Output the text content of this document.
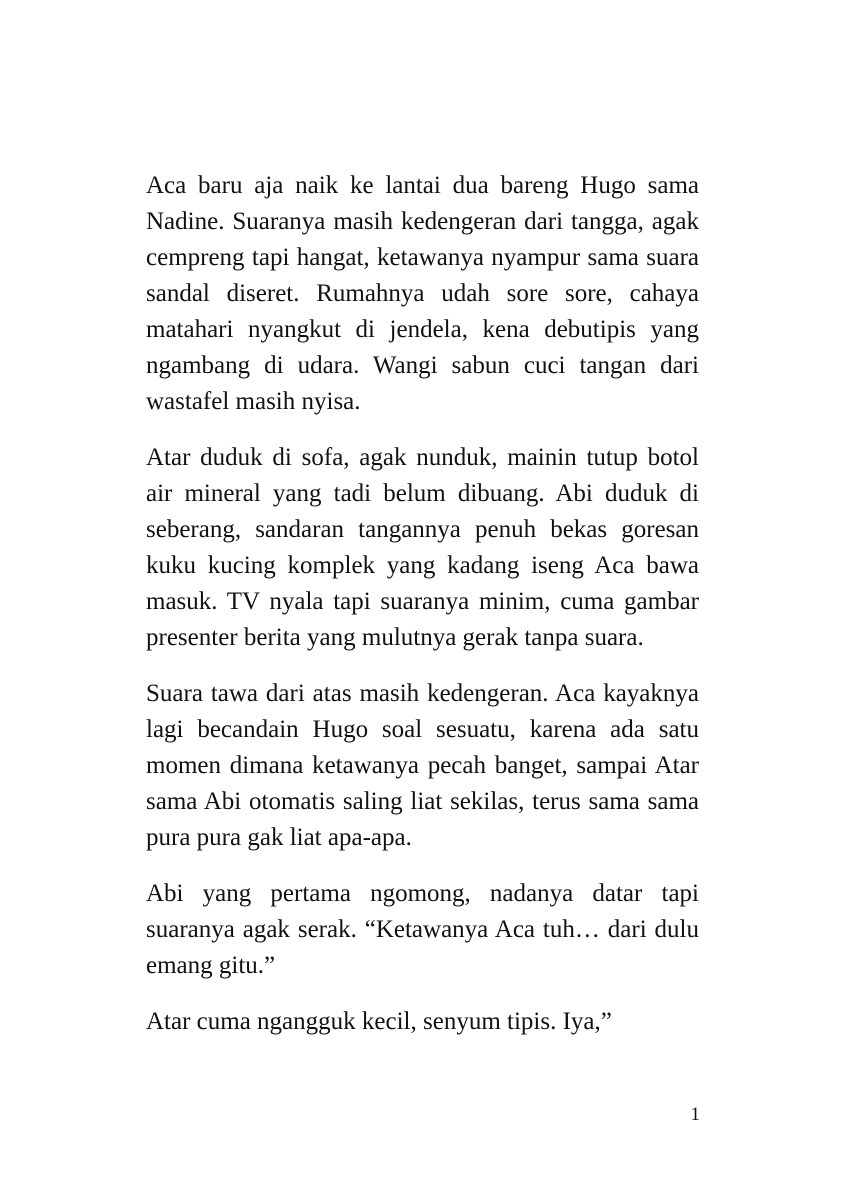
Aca baru aja naik ke lantai dua bareng Hugo sama Nadine. Suaranya masih kedengeran dari tangga, agak cempreng tapi hangat, ketawanya nyampur sama suara sandal diseret. Rumahnya udah sore sore, cahaya matahari nyangkut di jendela, kena debutipis yang ngambang di udara. Wangi sabun cuci tangan dari wastafel masih nyisa.

Atar duduk di sofa, agak nunduk, mainin tutup botol air mineral yang tadi belum dibuang. Abi duduk di seberang, sandaran tangannya penuh bekas goresan kuku kucing komplek yang kadang iseng Aca bawa masuk. TV nyala tapi suaranya minim, cuma gambar presenter berita yang mulutnya gerak tanpa suara.

Suara tawa dari atas masih kedengeran. Aca kayaknya lagi becandain Hugo soal sesuatu, karena ada satu momen dimana ketawanya pecah banget, sampai Atar sama Abi otomatis saling liat sekilas, terus sama sama pura pura gak liat apa-apa.

Abi yang pertama ngomong, nadanya datar tapi suaranya agak serak. “Ketawanya Aca tuh… dari dulu emang gitu.”

Atar cuma ngangguk kecil, senyum tipis. Iya,”

1
